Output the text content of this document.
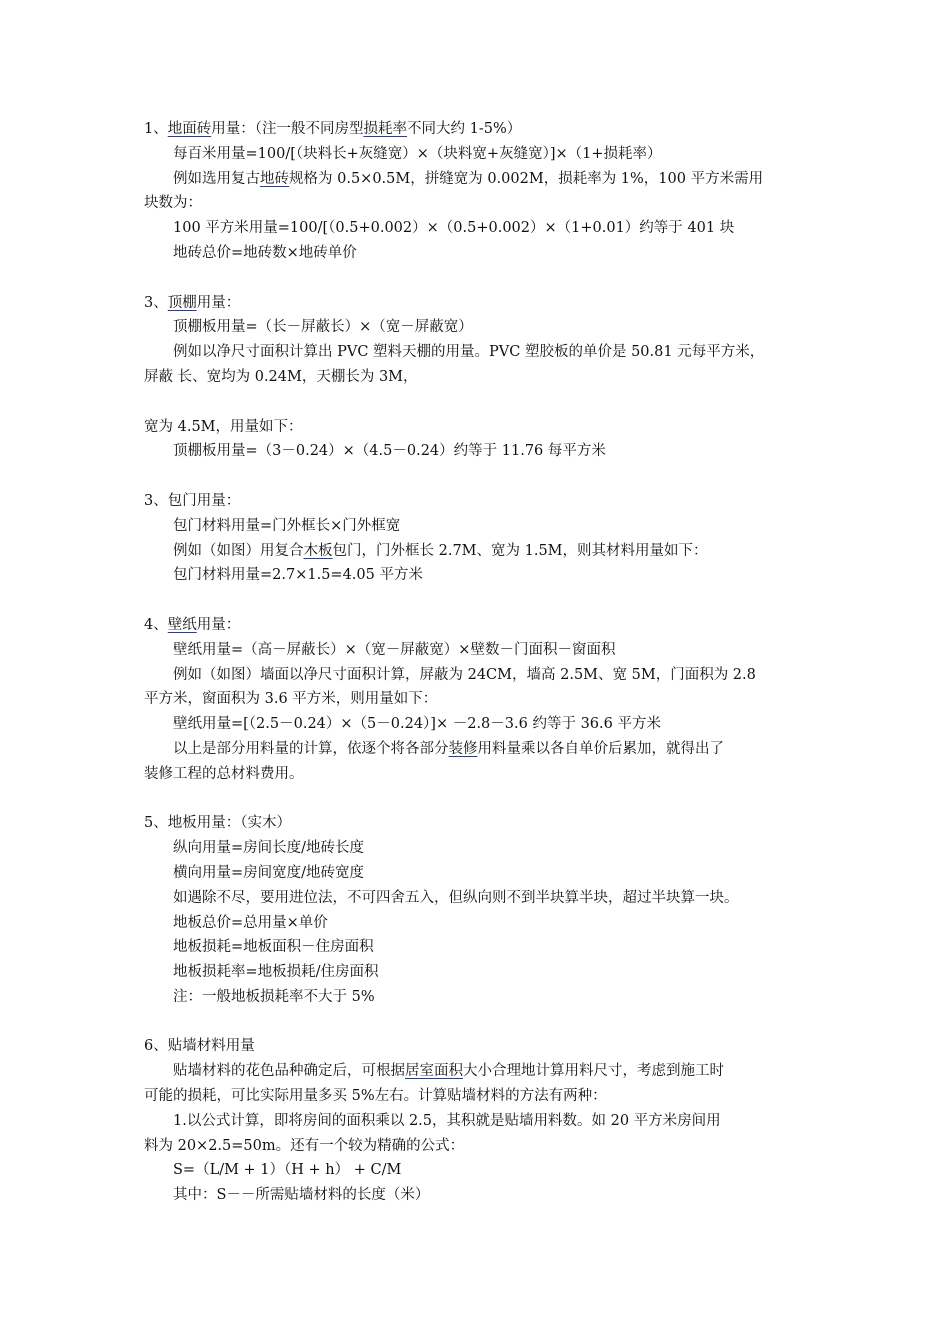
1、地面砖用量：（注一般不同房型损耗率不同大约 1-5%）
每百米用量=100/[（块料长+灰缝宽）×（块料宽+灰缝宽）]×（1+损耗率）
例如选用复古地砖规格为 0.5×0.5M，拼缝宽为 0.002M，损耗率为 1%，100 平方米需用
块数为：
100 平方米用量=100/[（0.5+0.002）×（0.5+0.002）×（1+0.01）约等于 401 块
地砖总价=地砖数×地砖单价
3、顶棚用量：
顶棚板用量=（长－屏蔽长）×（宽－屏蔽宽）
例如以净尺寸面积计算出 PVC 塑料天棚的用量。PVC 塑胶板的单价是 50.81 元每平方米，
屏蔽 长、宽均为 0.24M，天棚长为 3M，
宽为 4.5M，用量如下：
顶棚板用量=（3－0.24）×（4.5－0.24）约等于 11.76 每平方米
3、包门用量：
包门材料用量=门外框长×门外框宽
例如（如图）用复合木板包门，门外框长 2.7M、宽为 1.5M，则其材料用量如下：
包门材料用量=2.7×1.5=4.05 平方米
4、壁纸用量：
壁纸用量=（高－屏蔽长）×（宽－屏蔽宽）×壁数－门面积－窗面积
例如（如图）墙面以净尺寸面积计算，屏蔽为 24CM，墙高 2.5M、宽 5M，门面积为 2.8
平方米，窗面积为 3.6 平方米，则用量如下：
壁纸用量=[（2.5－0.24）×（5－0.24）]× －2.8－3.6 约等于 36.6 平方米
以上是部分用料量的计算，依逐个将各部分装修用料量乘以各自单价后累加，就得出了
装修工程的总材料费用。
5、地板用量：（实木）
纵向用量=房间长度/地砖长度
横向用量=房间宽度/地砖宽度
如遇除不尽，要用进位法，不可四舍五入，但纵向则不到半块算半块，超过半块算一块。
地板总价=总用量×单价
地板损耗=地板面积－住房面积
地板损耗率=地板损耗/住房面积
注：一般地板损耗率不大于 5%
6、贴墙材料用量
贴墙材料的花色品种确定后，可根据居室面积大小合理地计算用料尺寸，考虑到施工时
可能的损耗，可比实际用量多买 5%左右。计算贴墙材料的方法有两种：
1.以公式计算，即将房间的面积乘以 2.5，其积就是贴墙用料数。如 20 平方米房间用
料为 20×2.5=50m。还有一个较为精确的公式：
S=（L/M + 1）（H + h） + C/M
其中：S－－所需贴墙材料的长度（米）
